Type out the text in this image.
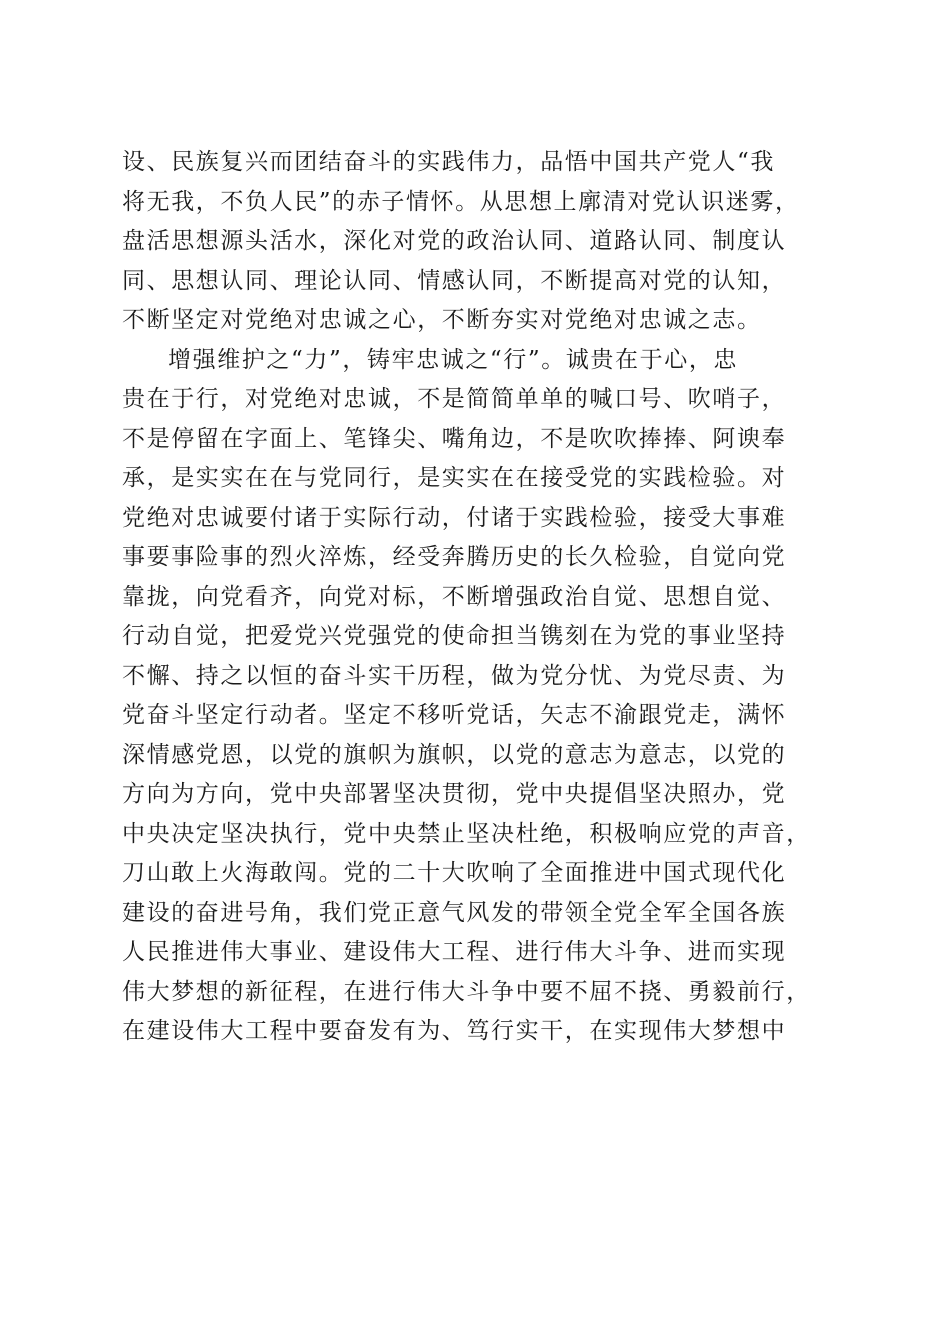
设、民族复兴而团结奋斗的实践伟力，品悟中国共产党人“我
将无我，不负人民”的赤子情怀。从思想上廓清对党认识迷雾，
盘活思想源头活水，深化对党的政治认同、道路认同、制度认
同、思想认同、理论认同、情感认同，不断提高对党的认知，
不断坚定对党绝对忠诚之心，不断夯实对党绝对忠诚之志。
增强维护之“力”，铸牢忠诚之“行”。诚贵在于心，忠
贵在于行，对党绝对忠诚，不是简简单单的喊口号、吹哨子，
不是停留在字面上、笔锋尖、嘴角边，不是吹吹捧捧、阿谀奉
承，是实实在在与党同行，是实实在在接受党的实践检验。对
党绝对忠诚要付诸于实际行动，付诸于实践检验，接受大事难
事要事险事的烈火淬炼，经受奔腾历史的长久检验，自觉向党
靠拢，向党看齐，向党对标，不断增强政治自觉、思想自觉、
行动自觉，把爱党兴党强党的使命担当镌刻在为党的事业坚持
不懈、持之以恒的奋斗实干历程，做为党分忧、为党尽责、为
党奋斗坚定行动者。坚定不移听党话，矢志不渝跟党走，满怀
深情感党恩，以党的旗帜为旗帜，以党的意志为意志，以党的
方向为方向，党中央部署坚决贯彻，党中央提倡坚决照办，党
中央决定坚决执行，党中央禁止坚决杜绝，积极响应党的声音，
刀山敢上火海敢闯。党的二十大吹响了全面推进中国式现代化
建设的奋进号角，我们党正意气风发的带领全党全军全国各族
人民推进伟大事业、建设伟大工程、进行伟大斗争、进而实现
伟大梦想的新征程，在进行伟大斗争中要不屈不挠、勇毅前行，
在建设伟大工程中要奋发有为、笃行实干，在实现伟大梦想中
